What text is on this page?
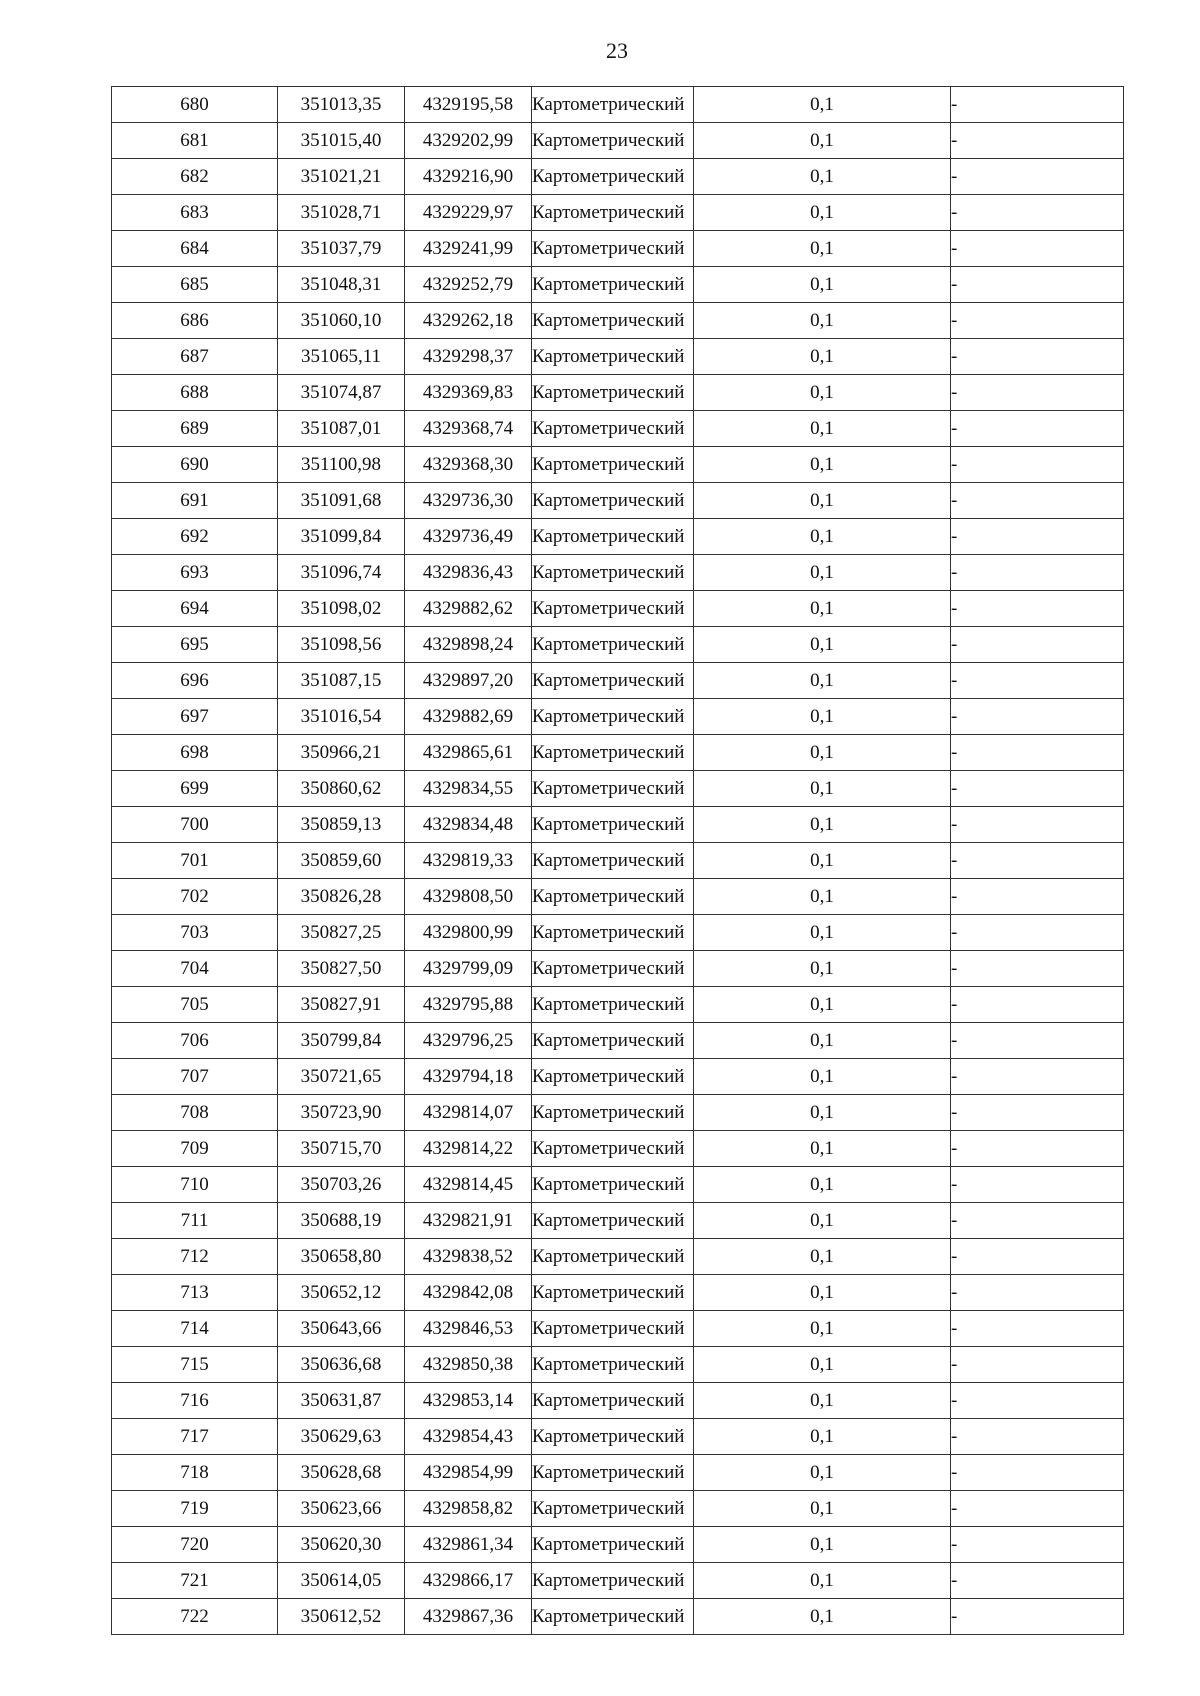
23
680	351013,35	4329195,58	Картометрический	0,1	-
681	351015,40	4329202,99	Картометрический	0,1	-
682	351021,21	4329216,90	Картометрический	0,1	-
683	351028,71	4329229,97	Картометрический	0,1	-
684	351037,79	4329241,99	Картометрический	0,1	-
685	351048,31	4329252,79	Картометрический	0,1	-
686	351060,10	4329262,18	Картометрический	0,1	-
687	351065,11	4329298,37	Картометрический	0,1	-
688	351074,87	4329369,83	Картометрический	0,1	-
689	351087,01	4329368,74	Картометрический	0,1	-
690	351100,98	4329368,30	Картометрический	0,1	-
691	351091,68	4329736,30	Картометрический	0,1	-
692	351099,84	4329736,49	Картометрический	0,1	-
693	351096,74	4329836,43	Картометрический	0,1	-
694	351098,02	4329882,62	Картометрический	0,1	-
695	351098,56	4329898,24	Картометрический	0,1	-
696	351087,15	4329897,20	Картометрический	0,1	-
697	351016,54	4329882,69	Картометрический	0,1	-
698	350966,21	4329865,61	Картометрический	0,1	-
699	350860,62	4329834,55	Картометрический	0,1	-
700	350859,13	4329834,48	Картометрический	0,1	-
701	350859,60	4329819,33	Картометрический	0,1	-
702	350826,28	4329808,50	Картометрический	0,1	-
703	350827,25	4329800,99	Картометрический	0,1	-
704	350827,50	4329799,09	Картометрический	0,1	-
705	350827,91	4329795,88	Картометрический	0,1	-
706	350799,84	4329796,25	Картометрический	0,1	-
707	350721,65	4329794,18	Картометрический	0,1	-
708	350723,90	4329814,07	Картометрический	0,1	-
709	350715,70	4329814,22	Картометрический	0,1	-
710	350703,26	4329814,45	Картометрический	0,1	-
711	350688,19	4329821,91	Картометрический	0,1	-
712	350658,80	4329838,52	Картометрический	0,1	-
713	350652,12	4329842,08	Картометрический	0,1	-
714	350643,66	4329846,53	Картометрический	0,1	-
715	350636,68	4329850,38	Картометрический	0,1	-
716	350631,87	4329853,14	Картометрический	0,1	-
717	350629,63	4329854,43	Картометрический	0,1	-
718	350628,68	4329854,99	Картометрический	0,1	-
719	350623,66	4329858,82	Картометрический	0,1	-
720	350620,30	4329861,34	Картометрический	0,1	-
721	350614,05	4329866,17	Картометрический	0,1	-
722	350612,52	4329867,36	Картометрический	0,1	-
